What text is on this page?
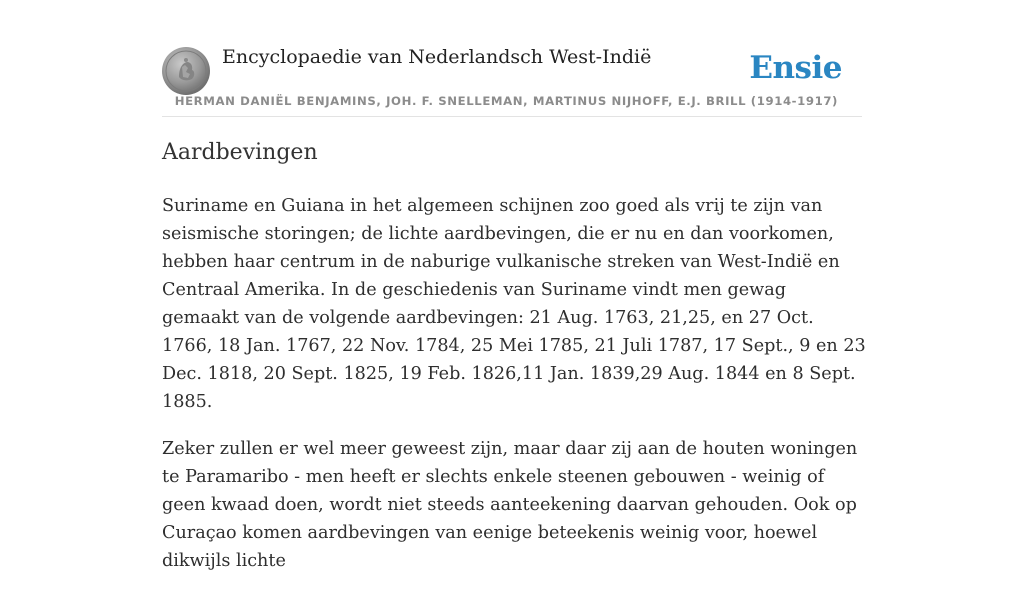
Encyclopaedie van Nederlandsch West-Indië	Ensie
HERMAN DANIËL BENJAMINS, JOH. F. SNELLEMAN, MARTINUS NIJHOFF, E.J. BRILL (1914-1917)
Aardbevingen

Suriname en Guiana in het algemeen schijnen zoo goed als vrij te zijn van seismische storingen; de lichte aardbevingen, die er nu en dan voorkomen, hebben haar centrum in de naburige vulkanische streken van West-Indië en Centraal Amerika. In de geschiedenis van Suriname vindt men gewag gemaakt van de volgende aardbevingen: 21 Aug. 1763, 21,25, en 27 Oct. 1766, 18 Jan. 1767, 22 Nov. 1784, 25 Mei 1785, 21 Juli 1787, 17 Sept., 9 en 23 Dec. 1818, 20 Sept. 1825, 19 Feb. 1826,11 Jan. 1839,29 Aug. 1844 en 8 Sept. 1885.

Zeker zullen er wel meer geweest zijn, maar daar zij aan de houten woningen te Paramaribo - men heeft er slechts enkele steenen gebouwen - weinig of geen kwaad doen, wordt niet steeds aanteekening daarvan gehouden. Ook op Curaçao komen aardbevingen van eenige beteekenis weinig voor, hoewel dikwijls lichte
